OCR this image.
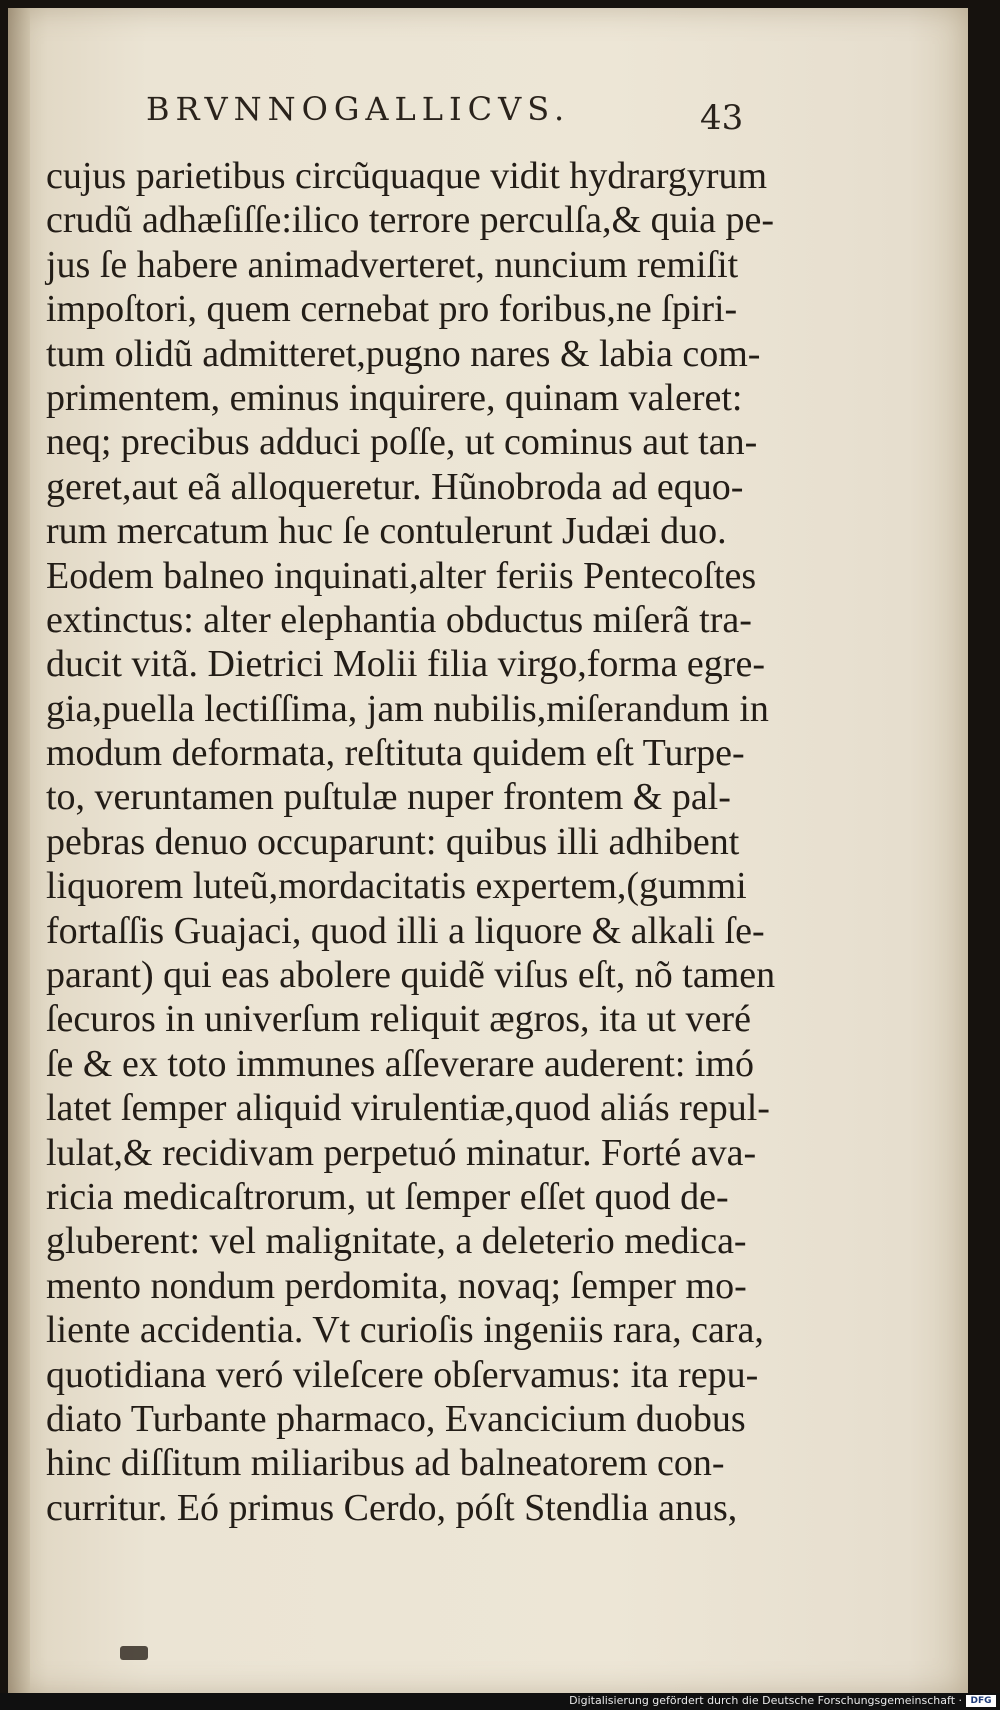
BRVNNOGALLICVS.	43
cujus parietibus circũquaque vidit hydrargyrum
crudũ adhæſiſſe:ilico terrore perculſa,& quia pe-
jus ſe habere animadverteret, nuncium remiſit
impoſtori, quem cernebat pro foribus,ne ſpiri-
tum olidũ admitteret,pugno nares & labia com-
primentem, eminus inquirere, quinam valeret:
neq; precibus adduci poſſe, ut cominus aut tan-
geret,aut eã alloqueretur. Hũnobroda ad equo-
rum mercatum huc ſe contulerunt Judæi duo.
Eodem balneo inquinati,alter feriis Pentecoſtes
extinctus: alter elephantia obductus miſerã tra-
ducit vitã. Dietrici Molii filia virgo,forma egre-
gia,puella lectiſſima, jam nubilis,miſerandum in
modum deformata, reſtituta quidem eſt Turpe-
to, veruntamen puſtulæ nuper frontem & pal-
pebras denuo occuparunt: quibus illi adhibent
liquorem luteũ,mordacitatis expertem,(gummi
fortaſſis Guajaci, quod illi a liquore & alkali ſe-
parant) qui eas abolere quidẽ viſus eſt, nõ tamen
ſecuros in univerſum reliquit ægros, ita ut veré
ſe & ex toto immunes aſſeverare auderent: imó
latet ſemper aliquid virulentiæ,quod aliás repul-
lulat,& recidivam perpetuó minatur. Forté ava-
ricia medicaſtrorum, ut ſemper eſſet quod de-
gluberent: vel malignitate, a deleterio medica-
mento nondum perdomita, novaq; ſemper mo-
liente accidentia. Vt curioſis ingeniis rara, cara,
quotidiana veró vileſcere obſervamus: ita repu-
diato Turbante pharmaco, Evancicium duobus
hinc diſſitum miliaribus ad balneatorem con-
curritur. Eó primus Cerdo, póſt Stendlia anus,
Digitalisierung gefördert durch die Deutsche Forschungsgemeinschaft · DFG
